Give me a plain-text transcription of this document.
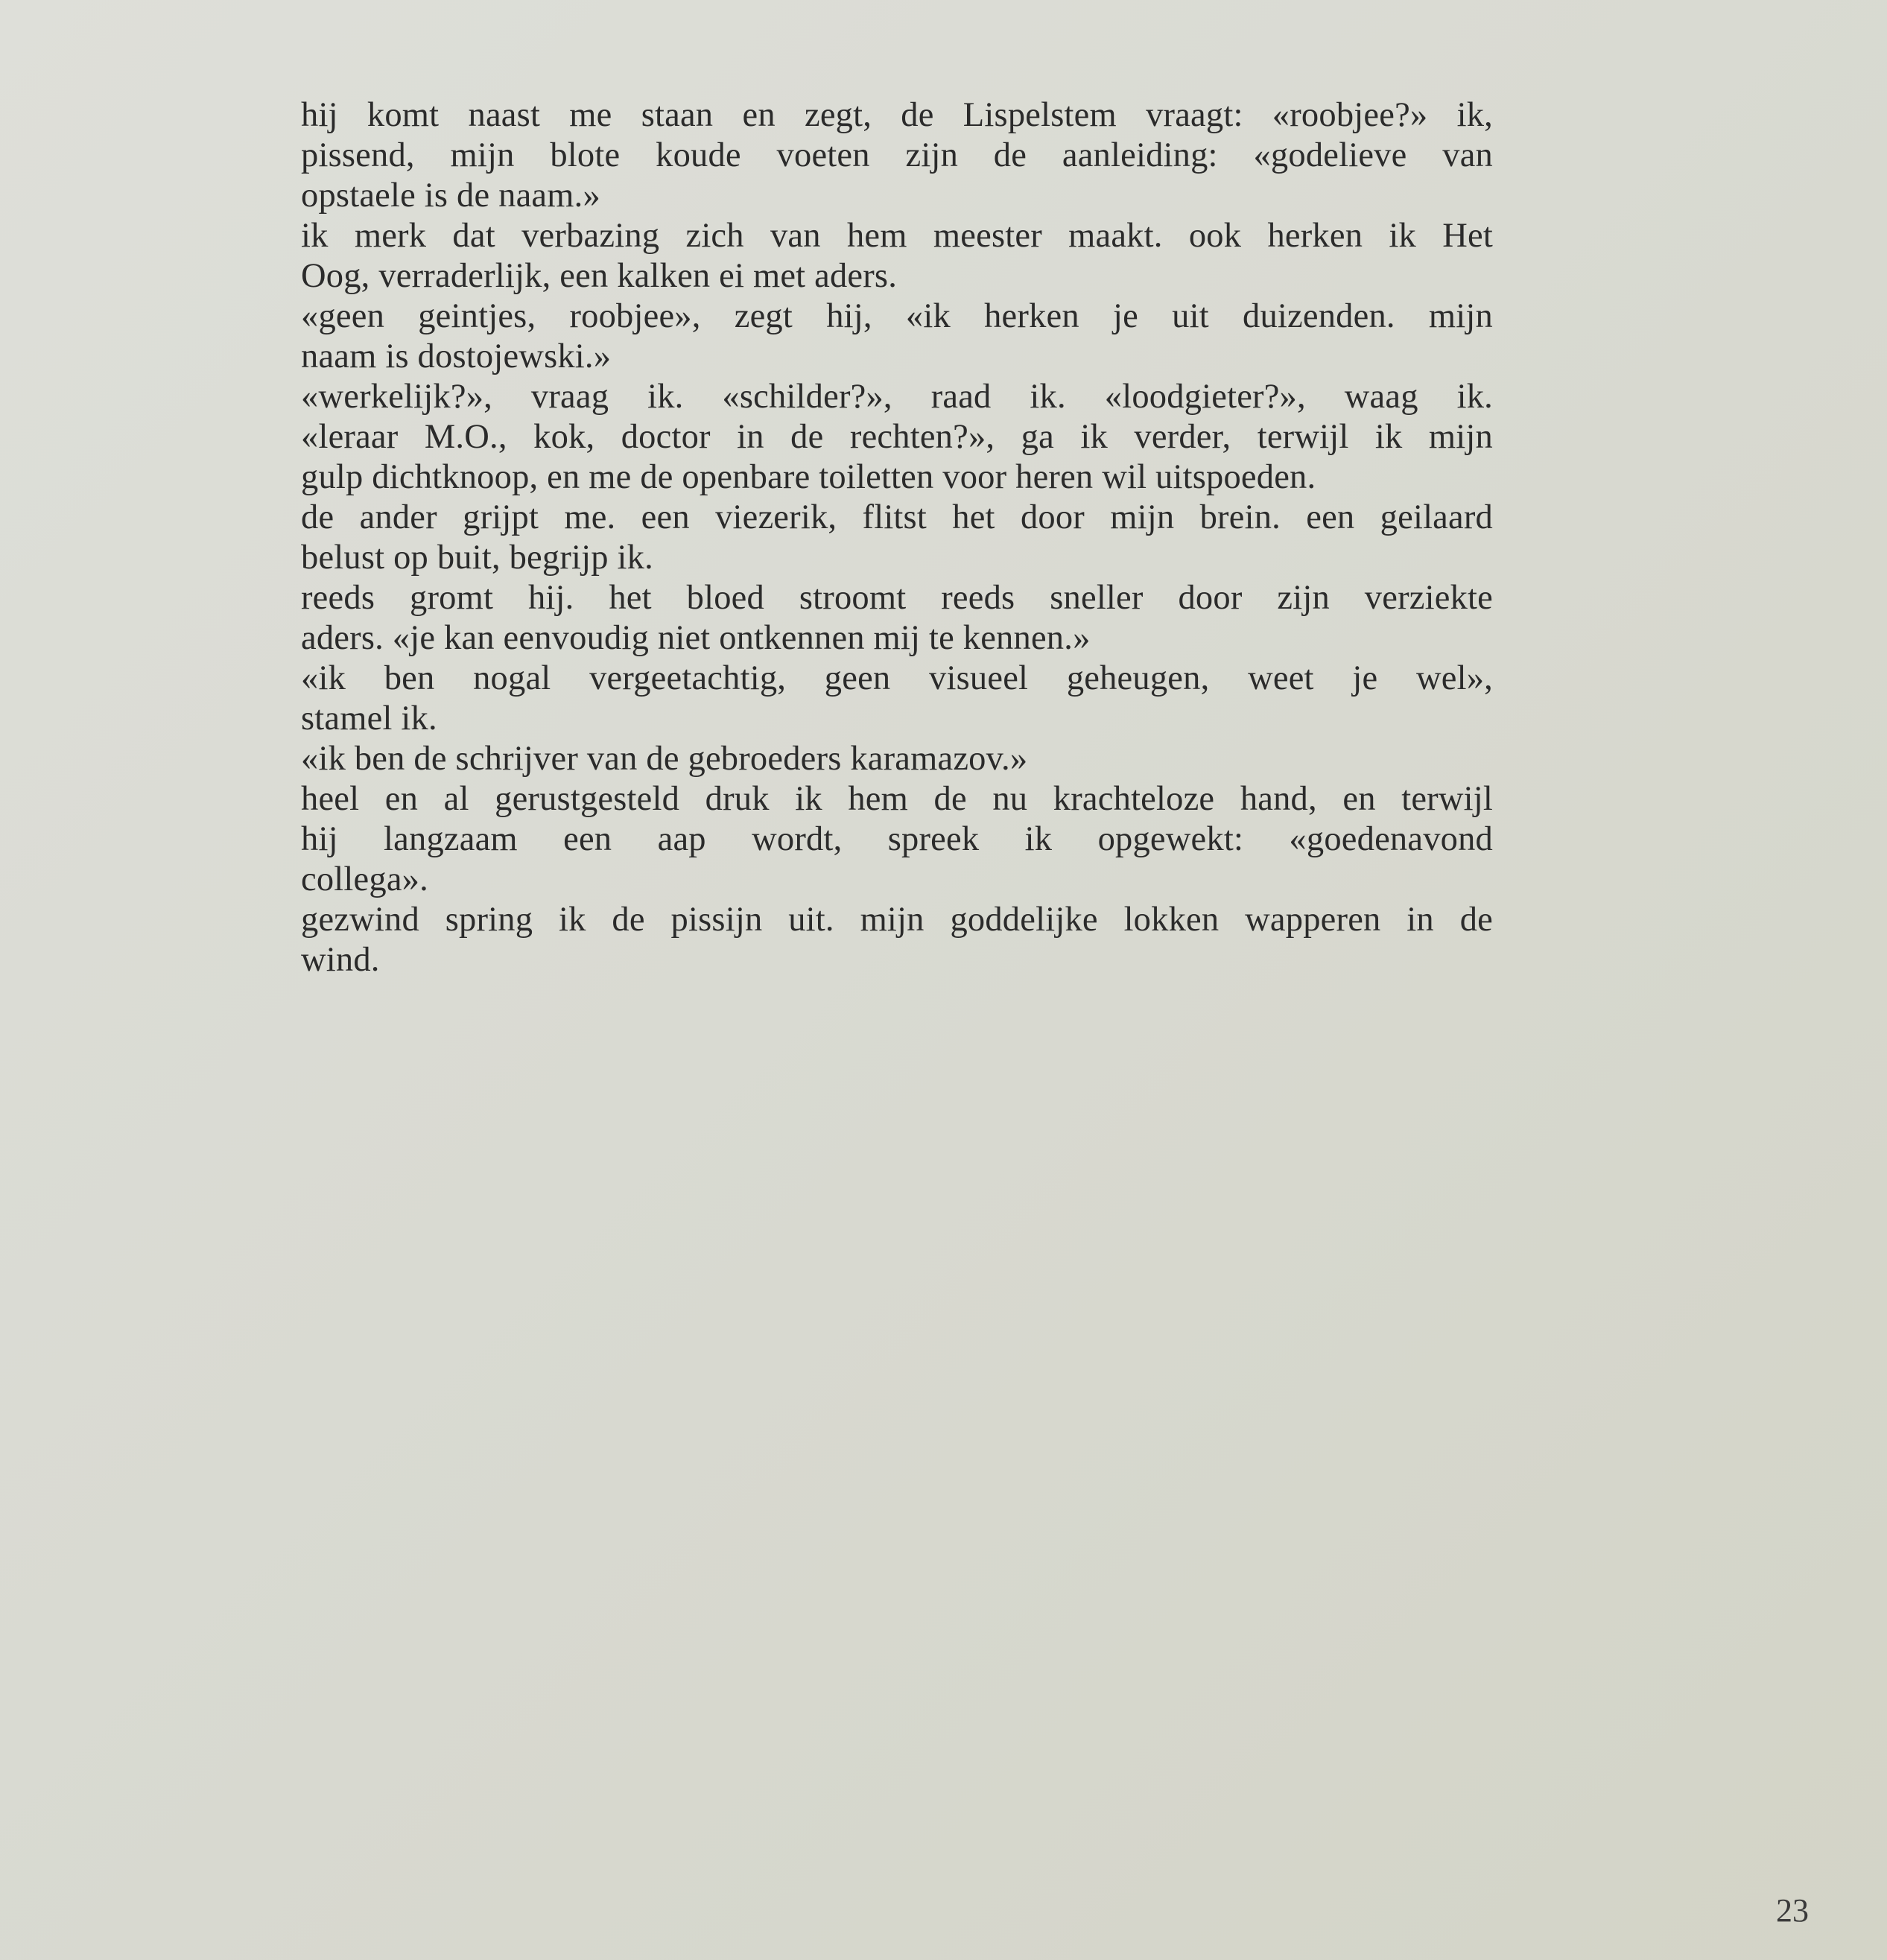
hij komt naast me staan en zegt, de Lispelstem vraagt: «roobjee?» ik,
pissend, mijn blote koude voeten zijn de aanleiding: «godelieve van
opstaele is de naam.»
ik merk dat verbazing zich van hem meester maakt. ook herken ik Het
Oog, verraderlijk, een kalken ei met aders.
«geen geintjes, roobjee», zegt hij, «ik herken je uit duizenden. mijn
naam is dostojewski.»
«werkelijk?», vraag ik. «schilder?», raad ik. «loodgieter?», waag ik.
«leraar M.O., kok, doctor in de rechten?», ga ik verder, terwijl ik mijn
gulp dichtknoop, en me de openbare toiletten voor heren wil uitspoeden.
de ander grijpt me. een viezerik, flitst het door mijn brein. een geilaard
belust op buit, begrijp ik.
reeds gromt hij. het bloed stroomt reeds sneller door zijn verziekte
aders. «je kan eenvoudig niet ontkennen mij te kennen.»
«ik ben nogal vergeetachtig, geen visueel geheugen, weet je wel»,
stamel ik.
«ik ben de schrijver van de gebroeders karamazov.»
heel en al gerustgesteld druk ik hem de nu krachteloze hand, en terwijl
hij langzaam een aap wordt, spreek ik opgewekt: «goedenavond
collega».
gezwind spring ik de pissijn uit. mijn goddelijke lokken wapperen in de
wind.
23
